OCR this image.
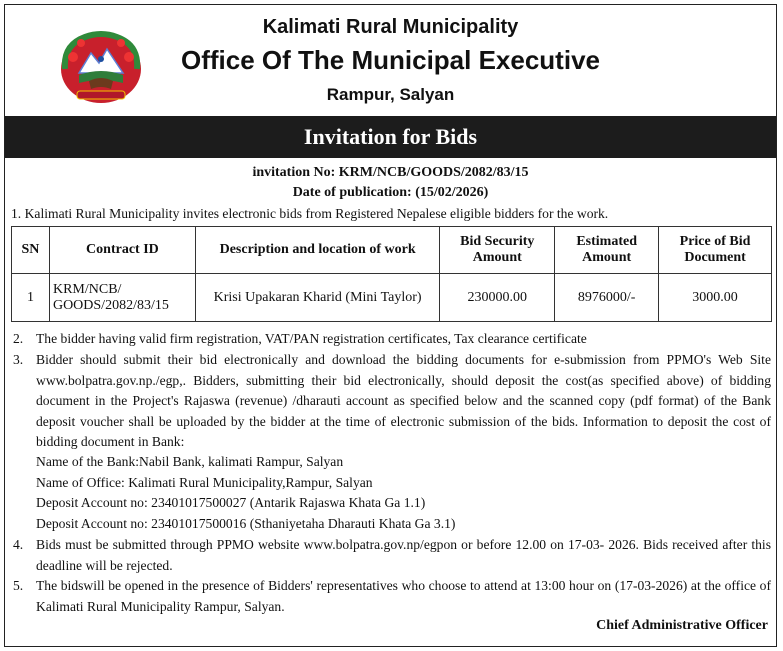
Kalimati Rural Municipality
Office Of The Municipal Executive
Rampur, Salyan
Invitation for Bids
invitation No: KRM/NCB/GOODS/2082/83/15
Date of publication: (15/02/2026)
1. Kalimati Rural Municipality invites electronic bids from Registered Nepalese eligible bidders for the work.
SN	Contract ID	Description and location of work	Bid Security Amount	Estimated Amount	Price of Bid Document
1	KRM/NCB/ GOODS/2082/83/15	Krisi Upakaran Kharid (Mini Taylor)	230000.00	8976000/-	3000.00
2. The bidder having valid firm registration, VAT/PAN registration certificates, Tax clearance certificate
3. Bidder should submit their bid electronically and download the bidding documents for e-submission from PPMO's Web Site www.bolpatra.gov.np./egp,. Bidders, submitting their bid electronically, should deposit the cost(as specified above) of bidding document in the Project's Rajaswa (revenue) /dharauti account as specified below and the scanned copy (pdf format) of the Bank deposit voucher shall be uploaded by the bidder at the time of electronic submission of the bids. Information to deposit the cost of bidding document in Bank:
Name of the Bank:Nabil Bank, kalimati Rampur, Salyan
Name of Office: Kalimati Rural Municipality,Rampur, Salyan
Deposit Account no: 23401017500027 (Antarik Rajaswa Khata Ga 1.1)
Deposit Account no: 23401017500016 (Sthaniyetaha Dharauti Khata Ga 3.1)
4. Bids must be submitted through PPMO website www.bolpatra.gov.np/egpon or before 12.00 on 17-03- 2026. Bids received after this deadline will be rejected.
5. The bidswill be opened in the presence of Bidders' representatives who choose to attend at 13:00 hour on (17-03-2026) at the office of Kalimati Rural Municipality Rampur, Salyan.
Chief Administrative Officer
